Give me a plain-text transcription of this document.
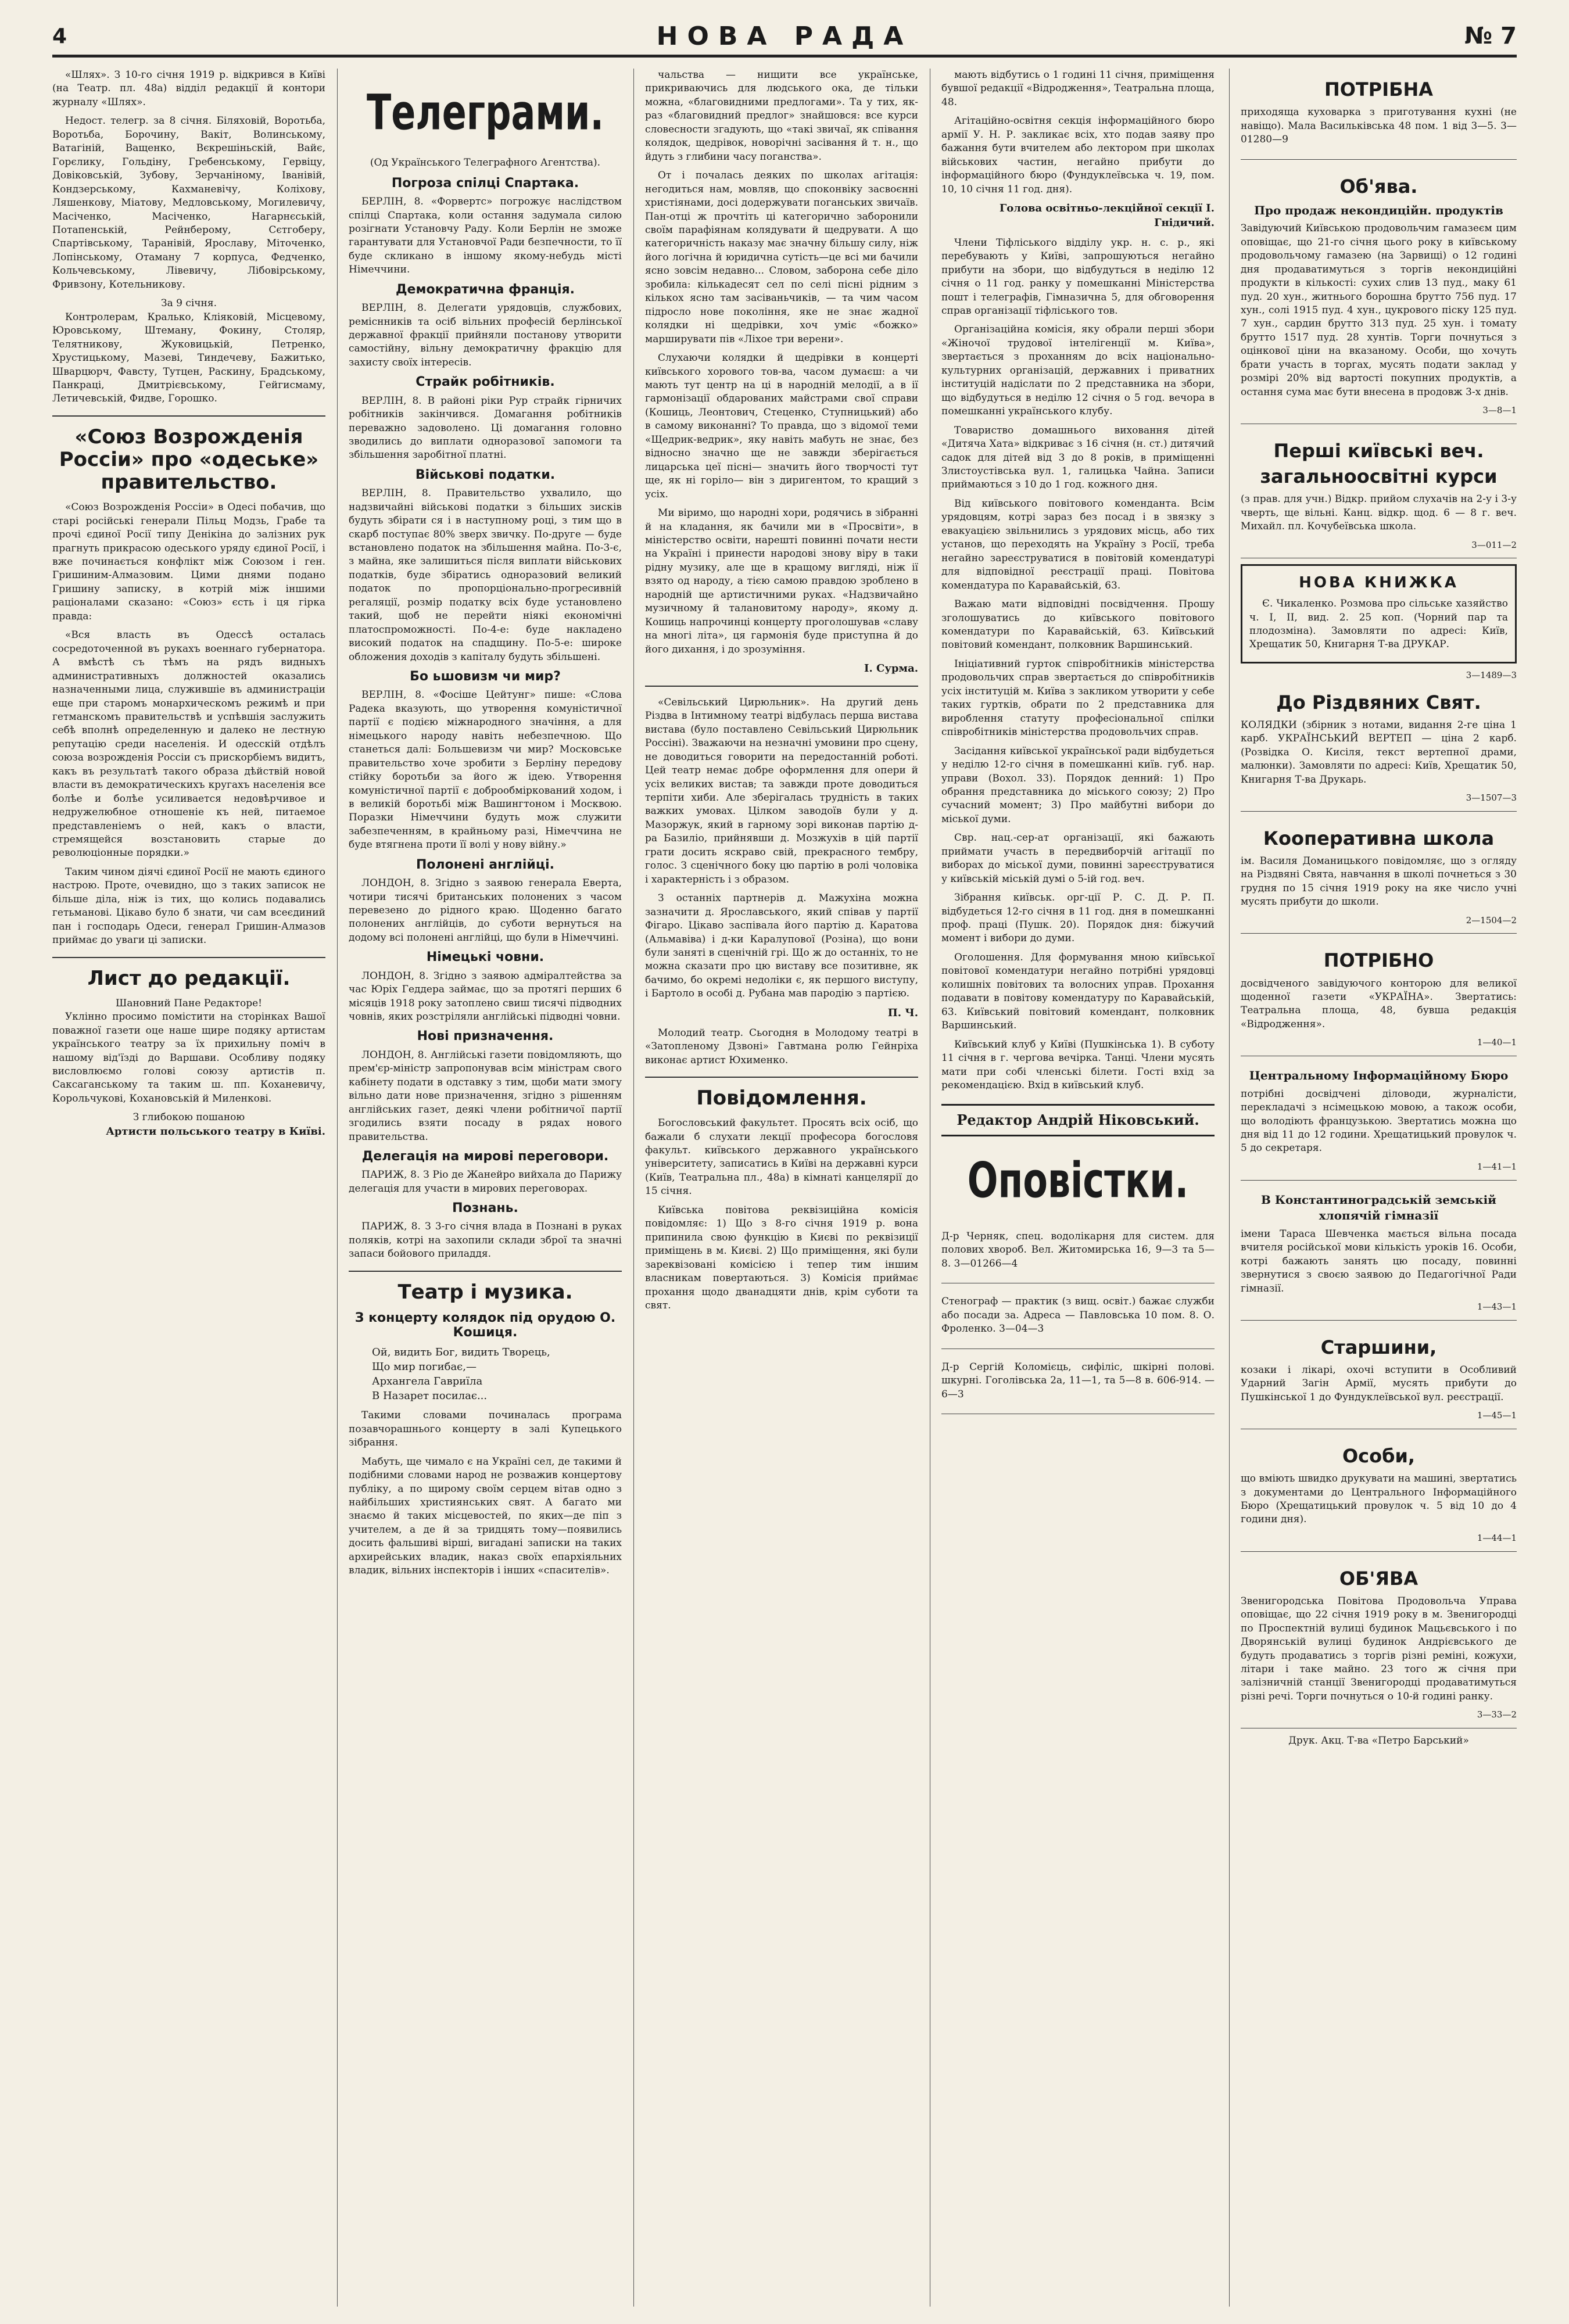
4	НОВА РАДА	№ 7

«Шлях». З 10-го січня 1919 р. відкрився в Київі (на Театр. пл. 48а) відділ редакції й контори журналу «Шлях».

Недост. телегр. за 8 січня. Біляховій, Воротьба, Воротьба, Борочину, Вакіт, Волинському, Ватагіній, Ващенко, Вєкрешіньскій, Вайє, Горєлику, Гольдіну, Гребенському, Гервіцу, Довіковській, Зубову, Зерчаніному, Іванівій, Кондзерському, Кахманевічу, Коліхову, Ляшенкову, Міатову, Медловському, Могилевичу, Масіченко, Масіченко, Нагарнєській, Потапенській, Рейнберому, Сєтгоберу, Спартівському, Таранівій, Ярославу, Міточенко, Лопінському, Отаману 7 корпуса, Федченко, Кольчевському, Лівевичу, Лібовірському, Фривзону, Котельникову.

За 9 січня.

Контролерам, Кралько, Кліяковій, Місцевому, Юровському, Штеману, Фокину, Столяр, Телятникову, Жуковицькій, Петренко, Хрустицькому, Мазеві, Тиндечеву, Бажитько, Шварцюрч, Фавсту, Тутцен, Раскину, Брадському, Панкраці, Дмитрієвському, Гейгисмаму, Летичевській, Фидве, Горошко.

«Союз Возрожденія Россіи» про «одеське» правительство.

«Союз Возрожденія Россіи» в Одесі побачив, що старі російські генерали Пільц Модзь, Грабе та прочі єдиної Росії типу Денікіна до залізних рук прагнуть прикрасою одеського уряду єдиної Росії, і вже починається конфлікт між Союзом і ген. Гришиним-Алмазовим. Цими днями подано Гришину записку, в котрій між іншими раціоналами сказано: «Союз» єсть і ця гірка правда:

«Вся власть въ Одессѣ осталась сосредоточенной въ рукахъ военнаго губернатора. А вмѣстѣ съ тѣмъ на рядъ видныхъ административныхъ должностей оказались назначенными лица, служившіе въ администраціи еще при старомъ монархическомъ режимѣ и при гетманскомъ правительствѣ и успѣвшія заслужить себѣ вполнѣ определенную и далеко не лестную репутацію среди населенія. И одесскій отдѣлъ союза возрожденія Россіи съ прискорбіемъ видитъ, какъ въ результатѣ такого образа дѣйствій новой власти въ демократическихъ кругахъ населенія все болѣе и болѣе усиливается недовѣрчивое и недружелюбное отношеніе къ ней, питаемое представленіемъ о ней, какъ о власти, стремящейся возстановить старые до революціонные порядки.»

Таким чином діячі єдиної Росії не мають єдиного настрою. Проте, очевидно, що з таких записок не більше діла, ніж із тих, що колись подавались гетьманові. Цікаво було б знати, чи сам всеєдиний пан і господарь Одеси, генерал Гришин-Алмазов приймає до уваги ці записки.

Лист до редакції.
Шановний Пане Редакторе!

Уклінно просимо помістити на сторінках Вашої поважної газети оце наше щире подяку артистам українського театру за їх прихильну поміч в нашому від'їзді до Варшави. Особливу подяку висловлюємо голові союзу артистів п. Саксаганському та таким ш. пп. Коханевичу, Корольчукові, Кохановській й Миленкові.

З глибокою пошаною
Артисти польського театру в Київі.
Телеграми.
(Од Українського Телеграфного Агентства).
Погроза спілці Спартака.

БЕРЛІН, 8. «Форвертс» погрожує наслідством спілці Спартака, коли остання задумала силою розігнати Установчу Раду. Коли Берлін не зможе гарантувати для Установчої Ради безпечности, то її буде скликано в іншому якому-небудь місті Німеччини.

Демократична франція.

ВЕРЛІН, 8. Делегати урядовців, службових, реміснників та осіб вільних професій берлінської державної фракції прийняли постанову утворити самостійну, вільну демократичну фракцію для захисту своїх інтересів.

Страйк робітників.

ВЕРЛІН, 8. В районі ріки Рур страйк гірничих робітників закінчився. Домагання робітників переважно задоволено. Ці домагання головно зводились до виплати одноразової запомоги та збільшення заробітної платні.

Військові податки.

ВЕРЛІН, 8. Правительство ухвалило, що надзвичайні військові податки з більших зисків будуть збірати ся і в наступному році, з тим що в скарб поступає 80% зверх звичку. По-друге — буде встановлено податок на збільшення майна. По-3-є, з майна, яке залишиться після виплати військових податків, буде збіратись одноразовий великий податок по пропорціонально-прогресивній регаляції, розмір податку всіх буде установлено такий, щоб не перейти ніякі економічні платоспроможності. По-4-е: буде накладено високий податок на спадщину. По-5-е: широке обложения доходів з капіталу будуть збільшені.

Бо ьшовизм чи мир?

ВЕРЛІН, 8. «Фосіше Цейтунг» пише: «Слова Радека вказують, що утворення комуністичної партії є подією міжнародного значіння, а для німецького народу навіть небезпечною. Що станеться далі: Большевизм чи мир? Московське правительство хоче зробити з Берліну передову стійку боротьби за його ж ідею. Утворення комуністичної партії є доброобміркований ходом, і в великій боротьбі між Вашингтоном і Москвою. Поразки Німеччини будуть мож служити забезпеченням, в крайньому разі, Німеччина не буде втягнена проти її волі у нову війну.»

Полонені англійці.

ЛОНДОН, 8. Згідно з заявою генерала Еверта, чотири тисячі британських полонених з часом перевезено до рідного краю. Щоденно багато полонених англійців, до суботи вернуться на додому всі полонені англійці, що були в Німеччині.

Німецькі човни.

ЛОНДОН, 8. Згідно з заявою адміралтейства за час Юріх Геддера займає, що за протягі перших 6 місяців 1918 року затоплено свиш тисячі підводних човнів, яких розстріляли англійські підводні човни.

Нові призначення.

ЛОНДОН, 8. Англійські газети повідомляють, що прем'єр-міністр запропонував всім міністрам свого кабінету подати в одставку з тим, щоби мати змогу вільно дати нове призначення, згідно з рішенням англійських газет, деякі члени робітничої партії згодились взяти посаду в рядах нового правительства.

Делегація на мирові переговори.

ПАРИЖ, 8. З Ріо де Жанейро вийхала до Парижу делегація для участи в мирових переговорах.

Познань.

ПАРИЖ, 8. З 3-го січня влада в Познані в руках поляків, котрі на захопили склади зброї та значні запаси бойового приладдя.

Театр і музика.
З концерту колядок під орудою О. Кошиця.
Ой, видить Бог, видить Творець,
Що мир погибає,—
Архангела Гавриїла
В Назарет посилає...

Такими словами починалась програма позавчорашнього концерту в залі Купецького зібрання.

Мабуть, ще чимало є на Україні сел, де такими й подібними словами народ не розважив концертову публіку, а по щирому своїм серцем вітав одно з найбільших християнських свят. А багато ми знаємо й таких місцевостей, по яких—де піп з учителем, а де й за тридцять тому—появились досить фальшиві вірші, вигадані записки на таких архирейських владик, наказ своїх епархіяльних владик, вільних інспекторів і інших «спасителів».

чальства — нищити все українське, прикриваючись для людського ока, де тільки можна, «благовидними предлогами». Та у тих, як-раз «благовидний предлог» знайшовся: все курси словесности згадують, що «такі звичаї, як співання колядок, щедрівок, новорічні засівання й т. н., що йдуть з глибини часу поганства».

От і почалась деяких по школах агітація: негодиться нам, мовляв, що споконвіку засвоєнні христіянами, досі додержувати поганських звичаїв. Пан-отці ж прочтіть ці категорично заборонили своїм парафіянам колядувати й щедрувати. А що категоричність наказу має значну більшу силу, ніж його логічна й юридична сутість—це всі ми бачили ясно зовсім недавно... Словом, заборона себе діло зробила: кількадесят сел по селі пісні рідним з кількох ясно там засіваньчиків, — та чим часом підросло нове покоління, яке не знає жадної колядки ні щедрівки, хоч уміє «божко» марширувати пів «Ліхое три верени».

Слухаючи колядки й щедрівки в концерті київського хорового тов-ва, часом думаєш: а чи мають тут центр на ці в народній мелодії, а в ії гармонізації обдарованих майстрами свої справи (Кошиць, Леонтович, Стеценко, Ступницький) або в самому виконанні? То правда, що з відомої теми «Щедрик-ведрик», яку навіть мабуть не знає, без відносно значно ще не завжди зберігається лицарська цеї пісні— значить його творчості тут ще, як ні горіло— він з диригентом, то кращий з усіх.

Ми віримо, що народні хори, родячись в зібранні й на кладання, як бачили ми в «Просвіти», в міністерство освіти, нарешті повинні почати нести на Україні і принести народові знову віру в таки рідну музику, але ще в кращому вигляді, ніж ії взято од народу, а тією самою правдою зроблено в народній ще артистичними руках. «Надзвичайно музичному й талановитому народу», якому д. Кошиць напрочинці концерту проголошував «славу на многі літа», ця гармонія буде приступна й до його дихання, і до зрозуміння.

І. Сурма.

«Севільський Цирюльник». На другий день Різдва в Інтимному театрі відбулась перша вистава вистава (було поставлено Севільський Цирюльник Россіні). Зважаючи на незначні умовини про сцену, не доводиться говорити на передостанній роботі. Цей театр немає добре оформлення для опери й усіх великих вистав; та завжди проте доводиться терпіти хиби. Але зберігалась трудність в таких важких умовах. Цілком заводоїв були у д. Мазоржук, який в гарному зорі виконав партію д-ра Базиліо, прийнявши д. Мозжухів в цій партії грати досить яскраво свій, прекрасного тембру, голос. З сценічного боку цю партію в ролі чоловіка і характерність і з образом.

З останніх партнерів д. Мажухіна можна зазначити д. Ярославського, який співав у партії Фігаро. Цікаво заспівала його партію д. Каратова (Альмавіва) і д-ки Каралупової (Розіна), що вони були заняті в сценічній грі. Що ж до останніх, то не можна сказати про цю виставу все позитивне, як бачимо, бо окремі недоліки є, як першого виступу, і Бартоло в особі д. Рубана мав пародію з партією.

П. Ч.

Молодий театр. Сьогодня в Молодому театрі в «Затопленому Дзвоні» Гавтмана ролю Гейнріха виконає артист Юхименко.

Повідомлення.

Богословський факультет. Просять всіх осіб, що бажали б слухати лекції професора богословя факульт. київського державного українського університету, записатись в Київі на державні курси (Київ, Театральна пл., 48а) в кімнаті канцелярії до 15 січня.

Київська повітова реквізиційна комісія повідомляє: 1) Що з 8-го січня 1919 р. вона припинила свою функцію в Києві по реквізиції приміщень в м. Києві. 2) Що приміщення, які були зареквізовані комісією і тепер тим іншим власникам повертаються. 3) Комісія приймає прохання щодо дванадцяти днів, крім суботи та свят.

мають відбутись о 1 годині 11 січня, приміщення бувшої редакції «Відродження», Театральна площа, 48.

Агітаційно-освітня секція інформаційного бюро армії У. Н. Р. закликає всіх, хто подав заяву про бажання бути вчителем або лектором при школах військових частин, негайно прибути до інформаційного бюро (Фундуклеївська ч. 19, пом. 10, 10 січня 11 год. дня).

Голова освітньо-лекційної секції І. Гнідичий.

Члени Тіфліського відділу укр. н. с. р., які перебувають у Київі, запрошуються негайно прибути на збори, що відбудуться в неділю 12 січня о 11 год. ранку у помешканні Міністерства пошт і телеграфів, Гімназична 5, для обговорення справ організації тіфліського тов.

Організаційна комісія, яку обрали перші збори «Жіночої трудової інтелігенції м. Київа», звертається з проханням до всіх національно-культурних організацій, державних і приватних інституцій надіслати по 2 представника на збори, що відбудуться в неділю 12 січня о 5 год. вечора в помешканні українського клубу.

Товариство домашнього виховання дітей «Дитяча Хата» відкриває з 16 січня (н. ст.) дитячий садок для дітей від 3 до 8 років, в приміщенні Злистоустівська вул. 1, галицька Чайна. Записи приймаються з 10 до 1 год. кожного дня.

Від київського повітового коменданта. Всім урядовцям, котрі зараз без посад і в звязку з евакуацією звільнились з урядових місць, або тих установ, що переходять на Україну з Росії, треба негайно зареєструватися в повітовій комендатурі для відповідної реєстрації праці. Повітова комендатура по Каравайській, 63.

Важаю мати відповідні посвідчення. Прошу зголошуватись до київського повітового комендатури по Каравайській, 63. Київський повітовий комендант, полковник Варшинський.

Ініціативний гурток співробітників міністерства продовольчих справ звертається до співробітників усіх інституцій м. Київа з закликом утворити у себе таких гуртків, обрати по 2 представника для вироблення статуту професіональної спілки співробітників міністерства продовольчих справ.

Засідання київської української ради відбудеться у неділю 12-го січня в помешканні київ. губ. нар. управи (Вохол. 33). Порядок денний: 1) Про обрання представника до міського союзу; 2) Про сучасний момент; 3) Про майбутні вибори до міської думи.

Свр. нац.-сер-ат організації, які бажають приймати участь в передвиборчій агітації по виборах до міської думи, повинні зареєструватися у київській міській думі о 5-ій год. веч.

Зібрання київськ. орг-ції Р. С. Д. Р. П. відбудеться 12-го січня в 11 год. дня в помешканні проф. праці (Пушк. 20). Порядок дня: біжучий момент і вибори до думи.

Оголошення. Для формування мною київської повітової комендатури негайно потрібні урядовці колишніх повітових та волосних управ. Прохання подавати в повітову комендатуру по Каравайській, 63. Київський повітовий комендант, полковник Варшинський.

Київський клуб у Київі (Пушкінська 1). В суботу 11 січня в г. чергова вечірка. Танці. Члени мусять мати при собі членські білети. Гості вхід за рекомендацією. Вхід в київський клуб.

Редактор Андрій Ніковський.
Оповістки.

Д-р Черняк, спец. водолікарня для систем. для полових хвороб. Вел. Житомирська 16, 9—3 та 5—8. 3—01266—4

Стенограф — практик (з вищ. освіт.) бажає служби або посади за. Адреса — Павловська 10 пом. 8. О. Фроленко. 3—04—3

Д-р Сергій Коломієць, сифіліс, шкірні полові. шкурні. Гоголівська 2а, 11—1, та 5—8 в. 606-914. — 6—3

ПОТРІБНА

приходяща куховарка з приготування кухні (не навіщо). Мала Васильківська 48 пом. 1 від 3—5. 3—01280—9

Об'ява.
Про продаж некондиційн. продуктів

Завідуючий Київською продовольчим гамазеєм цим оповіщає, що 21-го січня цього року в київському продовольчому гамазею (на Зарвищі) о 12 годині дня продаватимуться з торгів некондиційні продукти в кількості: сухих слив 13 пуд., маку 61 пуд. 20 хун., житнього борошна брутто 756 пуд. 17 хун., солі 1915 пуд. 4 хун., цукрового піску 125 пуд. 7 хун., сардин брутто 313 пуд. 25 хун. і томату брутто 1517 пуд. 28 хунтів. Торги почнуться з оцінкової ціни на вказаному. Особи, що хочуть брати участь в торгах, мусять подати заклад у розмірі 20% від вартості покупних продуктів, а остання сума має бути внесена в продовж 3-х днів.

3—8—1
Перші київські веч. загальноосвітні курси

(з прав. для учн.) Відкр. прийом слухачів на 2-у і 3-у чверть, ще вільні. Канц. відкр. щод. 6 — 8 г. веч. Михайл. пл. Кочубеївська школа.

3—011—2
НОВА КНИЖКА

Є. Чикаленко. Розмова про сільське хазяйство ч. І, II, вид. 2. 25 коп. (Чорний пар та плодозміна). Замовляти по адресі: Київ, Хрещатик 50, Книгарня Т-ва ДРУКАР.

3—1489—3
До Різдвяних Свят.

КОЛЯДКИ (збірник з нотами, видання 2-ге ціна 1 карб. УКРАЇНСЬКИЙ ВЕРТЕП — ціна 2 карб. (Розвідка О. Кисіля, текст вертепної драми, малюнки). Замовляти по адресі: Київ, Хрещатик 50, Книгарня Т-ва Друкарь.

3—1507—3
Кооперативна школа

ім. Василя Доманицького повідомляє, що з огляду на Різдвяні Свята, навчання в школі почнеться з 30 грудня по 15 січня 1919 року на яке число учні мусять прибути до школи.

2—1504—2
ПОТРІБНО

досвідченого завідуючого конторою для великої щоденної газети «УКРАЇНА». Звертатись: Театральна площа, 48, бувша редакція «Відродження».

1—40—1
Центральному Інформаційному Бюро

потрібні досвідчені діловоди, журналісти, перекладачі з нсімецькою мовою, а також особи, що володіють французькою. Звертатись можна що дня від 11 до 12 години. Хрещатицький провулок ч. 5 до секретаря.

1—41—1
В Константиноградській земській хлопячій гімназії

імени Тараса Шевченка мається вільна посада вчителя російської мови кількість уроків 16. Особи, котрі бажають занять цю посаду, повинні звернутися з своєю заявою до Педагогічної Ради гімназії.

1—43—1
Старшини,

козаки і лікарі, охочі вступити в Особливий Ударний Загін Армії, мусять прибути до Пушкінської 1 до Фундуклеївської вул. реєстрації.

1—45—1
Особи,

що вміють швидко друкувати на машині, звертатись з документами до Центрального Інформаційного Бюро (Хрещатицький провулок ч. 5 від 10 до 4 години дня).

1—44—1
ОБ'ЯВА

Звенигородська Повітова Продовольча Управа оповіщає, що 22 січня 1919 року в м. Звенигородці по Проспектній вулиці будинок Мацьєвського і по Дворянській вулиці будинок Андрієвського де будуть продаватись з торгів різні реміні, кожухи, літари і таке майно. 23 того ж січня при залізничній станції Звенигородці продаватимуться різні речі. Торги почнуться о 10-й годині ранку.

3—33—2
Друк. Акц. Т-ва «Петро Барський»
